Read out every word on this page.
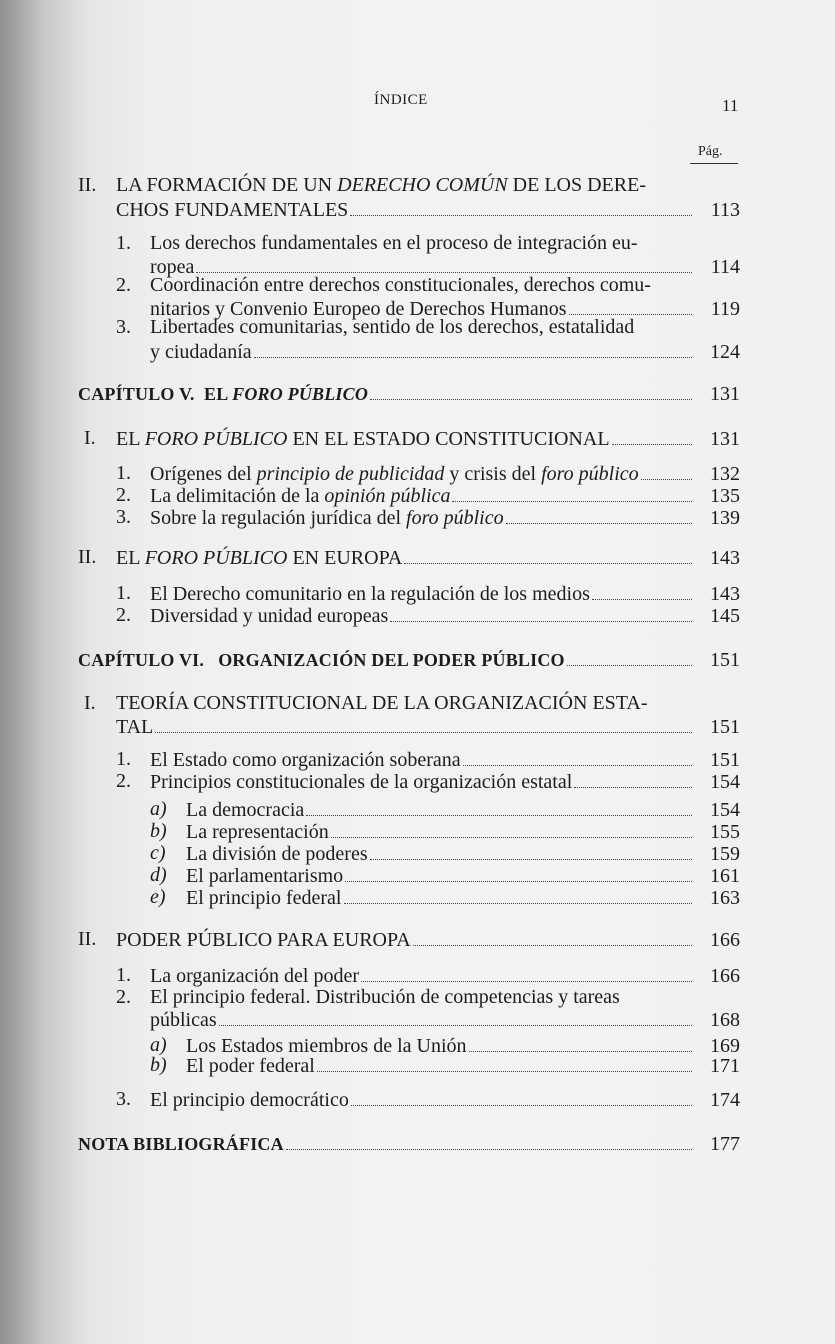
ÍNDICE	11
Pág.
II. LA FORMACIÓN DE UN DERECHO COMÚN DE LOS DERE-
CHOS FUNDAMENTALES	113
1. Los derechos fundamentales en el proceso de integración eu-
ropea	114
2. Coordinación entre derechos constitucionales, derechos comu-
nitarios y Convenio Europeo de Derechos Humanos	119
3. Libertades comunitarias, sentido de los derechos, estatalidad
y ciudadanía	124
CAPÍTULO V. EL FORO PÚBLICO	131
I. EL FORO PÚBLICO EN EL ESTADO CONSTITUCIONAL	131
1. Orígenes del principio de publicidad y crisis del foro público	132
2. La delimitación de la opinión pública	135
3. Sobre la regulación jurídica del foro público	139
II. EL FORO PÚBLICO EN EUROPA	143
1. El Derecho comunitario en la regulación de los medios	143
2. Diversidad y unidad europeas	145
CAPÍTULO VI.   ORGANIZACIÓN DEL PODER PÚBLICO	151
I. TEORÍA CONSTITUCIONAL DE LA ORGANIZACIÓN ESTA-
TAL	151
1. El Estado como organización soberana	151
2. Principios constitucionales de la organización estatal	154
a) La democracia	154
b) La representación	155
c) La división de poderes	159
d) El parlamentarismo	161
e) El principio federal	163
II. PODER PÚBLICO PARA EUROPA	166
1. La organización del poder	166
2. El principio federal. Distribución de competencias y tareas
públicas	168
a) Los Estados miembros de la Unión	169
b) El poder federal	171
3. El principio democrático	174
NOTA BIBLIOGRÁFICA	177
